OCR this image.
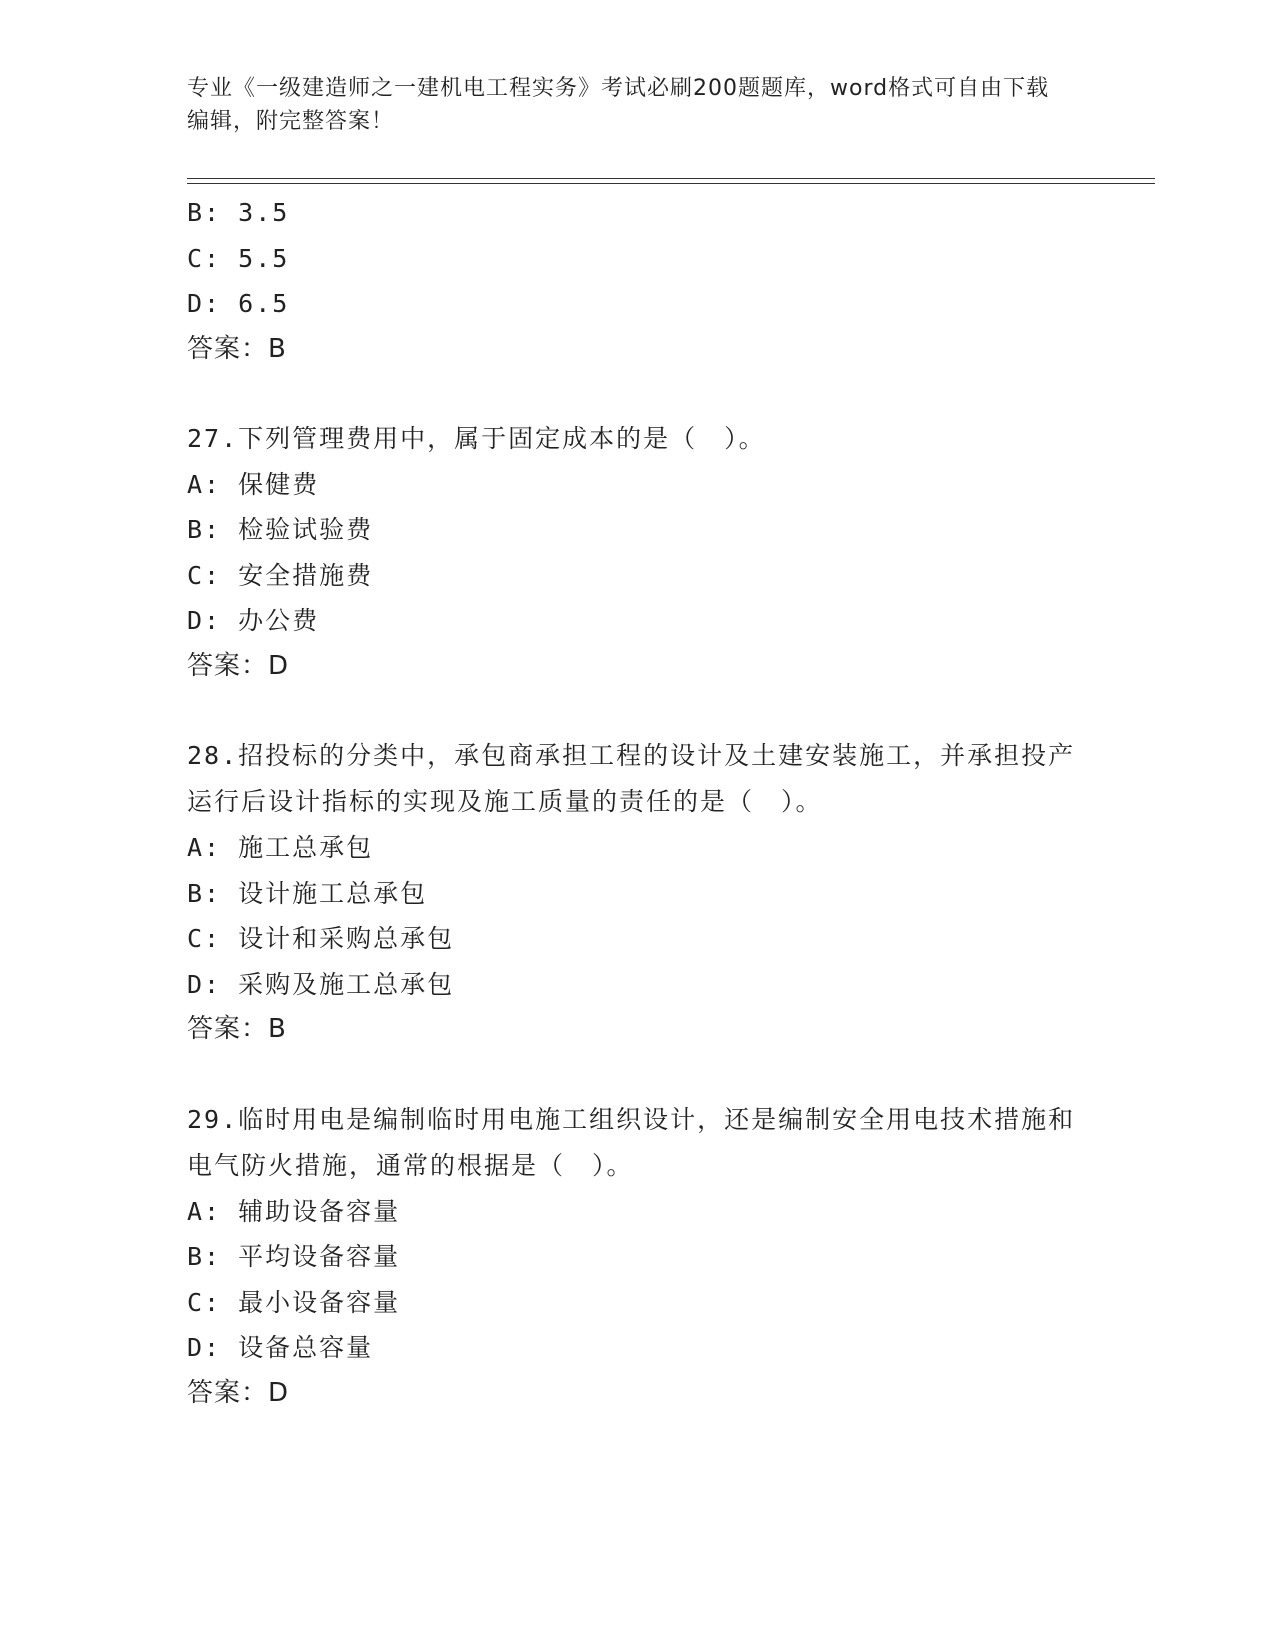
专业《一级建造师之一建机电工程实务》考试必刷200题题库，word格式可自由下载编辑，附完整答案！
B: 3.5
C: 5.5
D: 6.5
答案：B
27.下列管理费用中，属于固定成本的是（　）。
A: 保健费
B: 检验试验费
C: 安全措施费
D: 办公费
答案：D
28.招投标的分类中，承包商承担工程的设计及土建安装施工，并承担投产运行后设计指标的实现及施工质量的责任的是（　）。
A: 施工总承包
B: 设计施工总承包
C: 设计和采购总承包
D: 采购及施工总承包
答案：B
29.临时用电是编制临时用电施工组织设计，还是编制安全用电技术措施和电气防火措施，通常的根据是（　）。
A: 辅助设备容量
B: 平均设备容量
C: 最小设备容量
D: 设备总容量
答案：D
